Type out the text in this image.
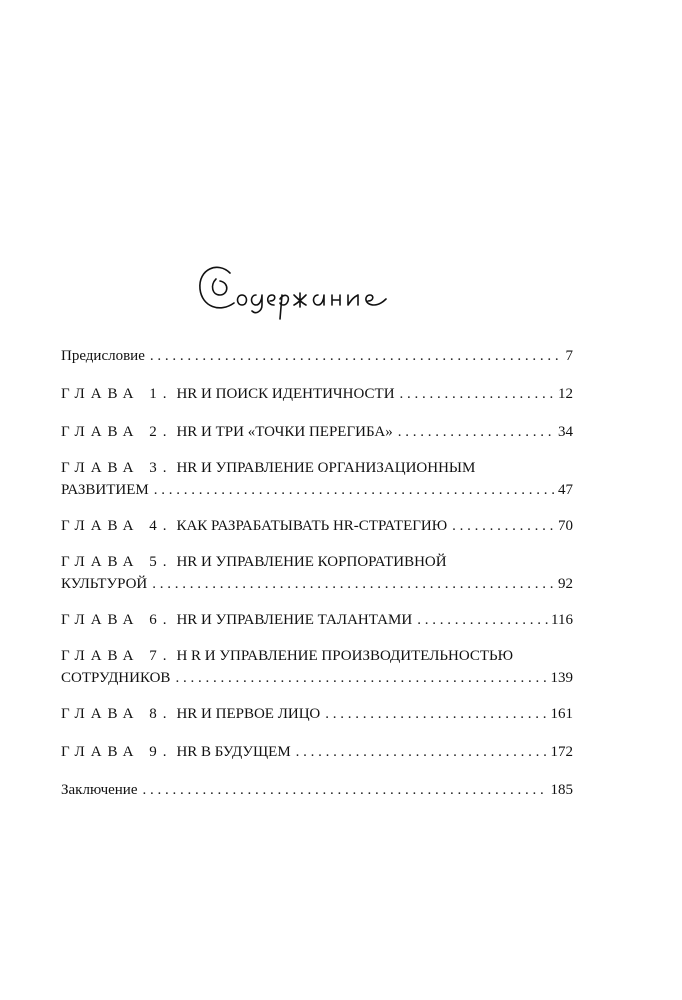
Предисловие . . .	7
ГЛАВА 1. HR И ПОИСК ИДЕНТИЧНОСТИ . . .	12
ГЛАВА 2. HR И ТРИ «ТОЧКИ ПЕРЕГИБА» . . .	34
ГЛАВА 3. HR И УПРАВЛЕНИЕ ОРГАНИЗАЦИОННЫМ
РАЗВИТИЕМ . . .	47
ГЛАВА 4. КАК РАЗРАБАТЫВАТЬ HR-СТРАТЕГИЮ . . .	70
ГЛАВА 5. HR И УПРАВЛЕНИЕ КОРПОРАТИВНОЙ
КУЛЬТУРОЙ . . .	92
ГЛАВА 6. HR И УПРАВЛЕНИЕ ТАЛАНТАМИ . . .	116
ГЛАВА 7. H R И УПРАВЛЕНИЕ ПРОИЗВОДИТЕЛЬНОСТЬЮ
СОТРУДНИКОВ . . .	139
ГЛАВА 8. HR И ПЕРВОЕ ЛИЦО . . .	161
ГЛАВА 9. HR В БУДУЩЕМ . . .	172
Заключение . . .	185
